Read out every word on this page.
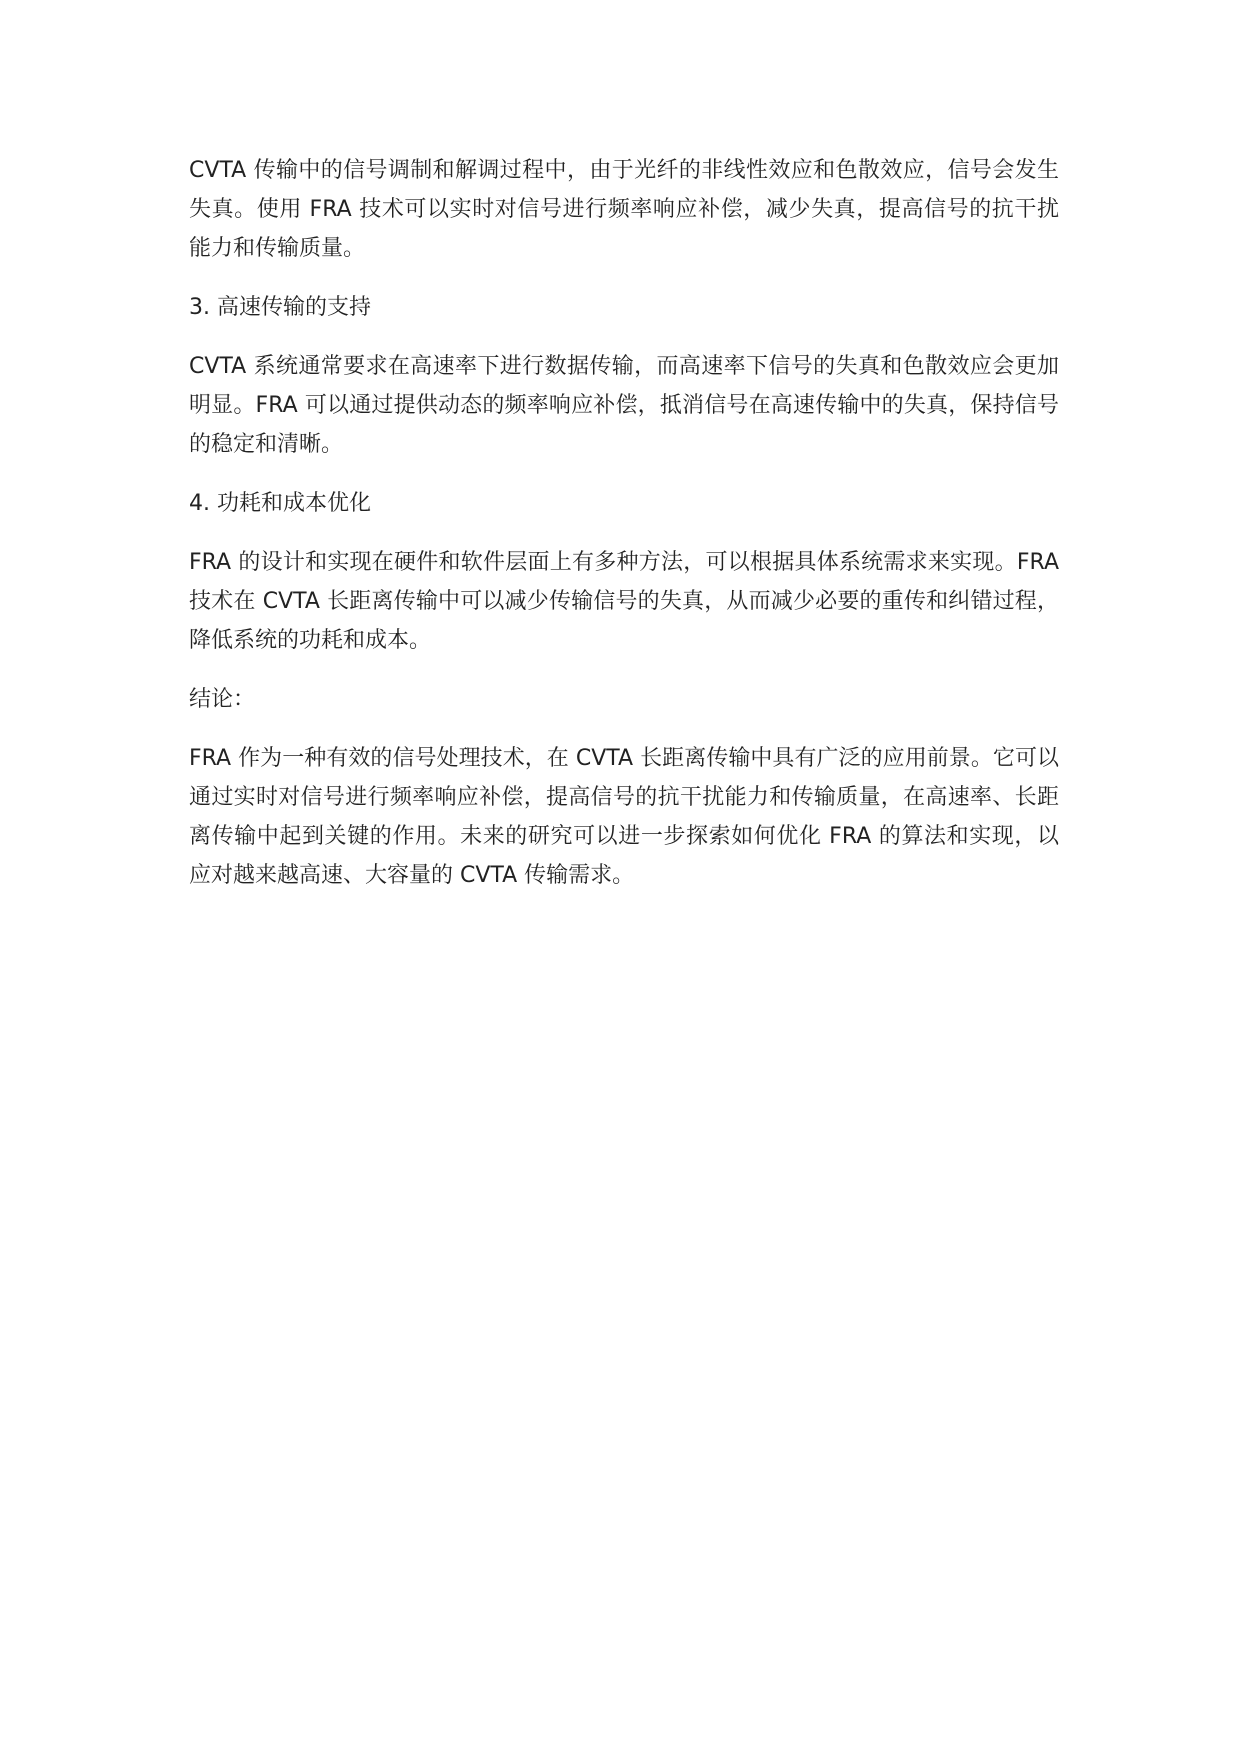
CVTA 传输中的信号调制和解调过程中，由于光纤的非线性效应和色散效应，信号会发生失真。使用 FRA 技术可以实时对信号进行频率响应补偿，减少失真，提高信号的抗干扰能力和传输质量。

3. 高速传输的支持

CVTA 系统通常要求在高速率下进行数据传输，而高速率下信号的失真和色散效应会更加明显。FRA 可以通过提供动态的频率响应补偿，抵消信号在高速传输中的失真，保持信号的稳定和清晰。

4. 功耗和成本优化

FRA 的设计和实现在硬件和软件层面上有多种方法，可以根据具体系统需求来实现。FRA 技术在 CVTA 长距离传输中可以减少传输信号的失真，从而减少必要的重传和纠错过程，降低系统的功耗和成本。

结论：

FRA 作为一种有效的信号处理技术，在 CVTA 长距离传输中具有广泛的应用前景。它可以通过实时对信号进行频率响应补偿，提高信号的抗干扰能力和传输质量，在高速率、长距离传输中起到关键的作用。未来的研究可以进一步探索如何优化 FRA 的算法和实现，以应对越来越高速、大容量的 CVTA 传输需求。
